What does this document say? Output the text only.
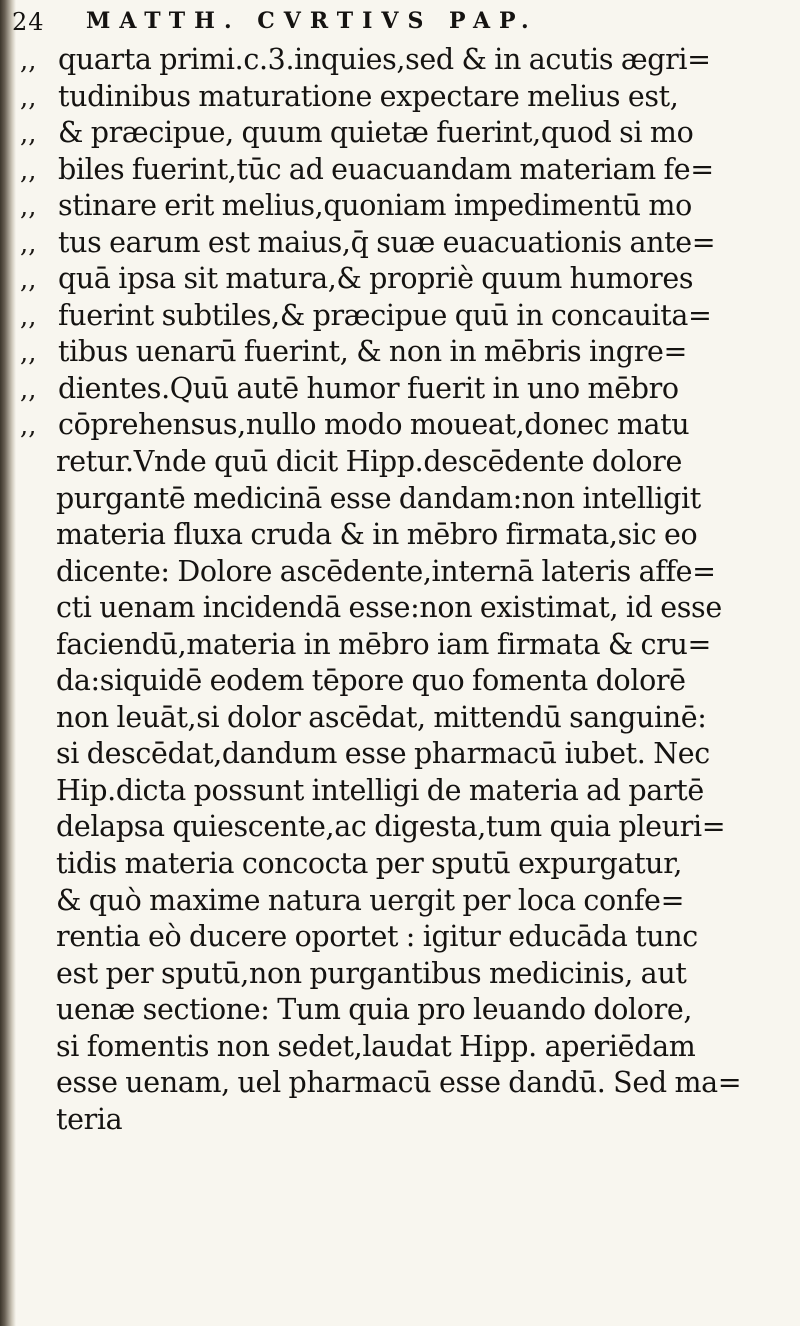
24 MATTH. CVRTIVS PAP.
,, quarta primi.c.3.inquies,sed & in acutis ægri=
,, tudinibus maturatione expectare melius est,
,, & præcipue, quum quietæ fuerint,quod si mo
,, biles fuerint,tūc ad euacuandam materiam fe=
,, stinare erit melius,quoniam impedimentū mo
,, tus earum est maius,q̄ suæ euacuationis ante=
,, quā ipsa sit matura,& propriè quum humores
,, fuerint subtiles,& præcipue quū in concauita=
,, tibus uenarū fuerint, & non in mēbris ingre=
,, dientes.Quū autē humor fuerit in uno mēbro
,, cōprehensus,nullo modo moueat,donec matu
retur.Vnde quū dicit Hipp.descēdente dolore
purgantē medicinā esse dandam:non intelligit
materia fluxa cruda & in mēbro firmata,sic eo
dicente: Dolore ascēdente,internā lateris affe=
cti uenam incidendā esse:non existimat, id esse
faciendū,materia in mēbro iam firmata & cru=
da:siquidē eodem tēpore quo fomenta dolorē
non leuāt,si dolor ascēdat, mittendū sanguinē:
si descēdat,dandum esse pharmacū iubet. Nec
Hip.dicta possunt intelligi de materia ad partē
delapsa quiescente,ac digesta,tum quia pleuri=
tidis materia concocta per sputū expurgatur,
& quò maxime natura uergit per loca confe=
rentia eò ducere oportet : igitur educāda tunc
est per sputū,non purgantibus medicinis, aut
uenæ sectione: Tum quia pro leuando dolore,
si fomentis non sedet,laudat Hipp. aperiēdam
esse uenam, uel pharmacū esse dandū. Sed ma=
teria
